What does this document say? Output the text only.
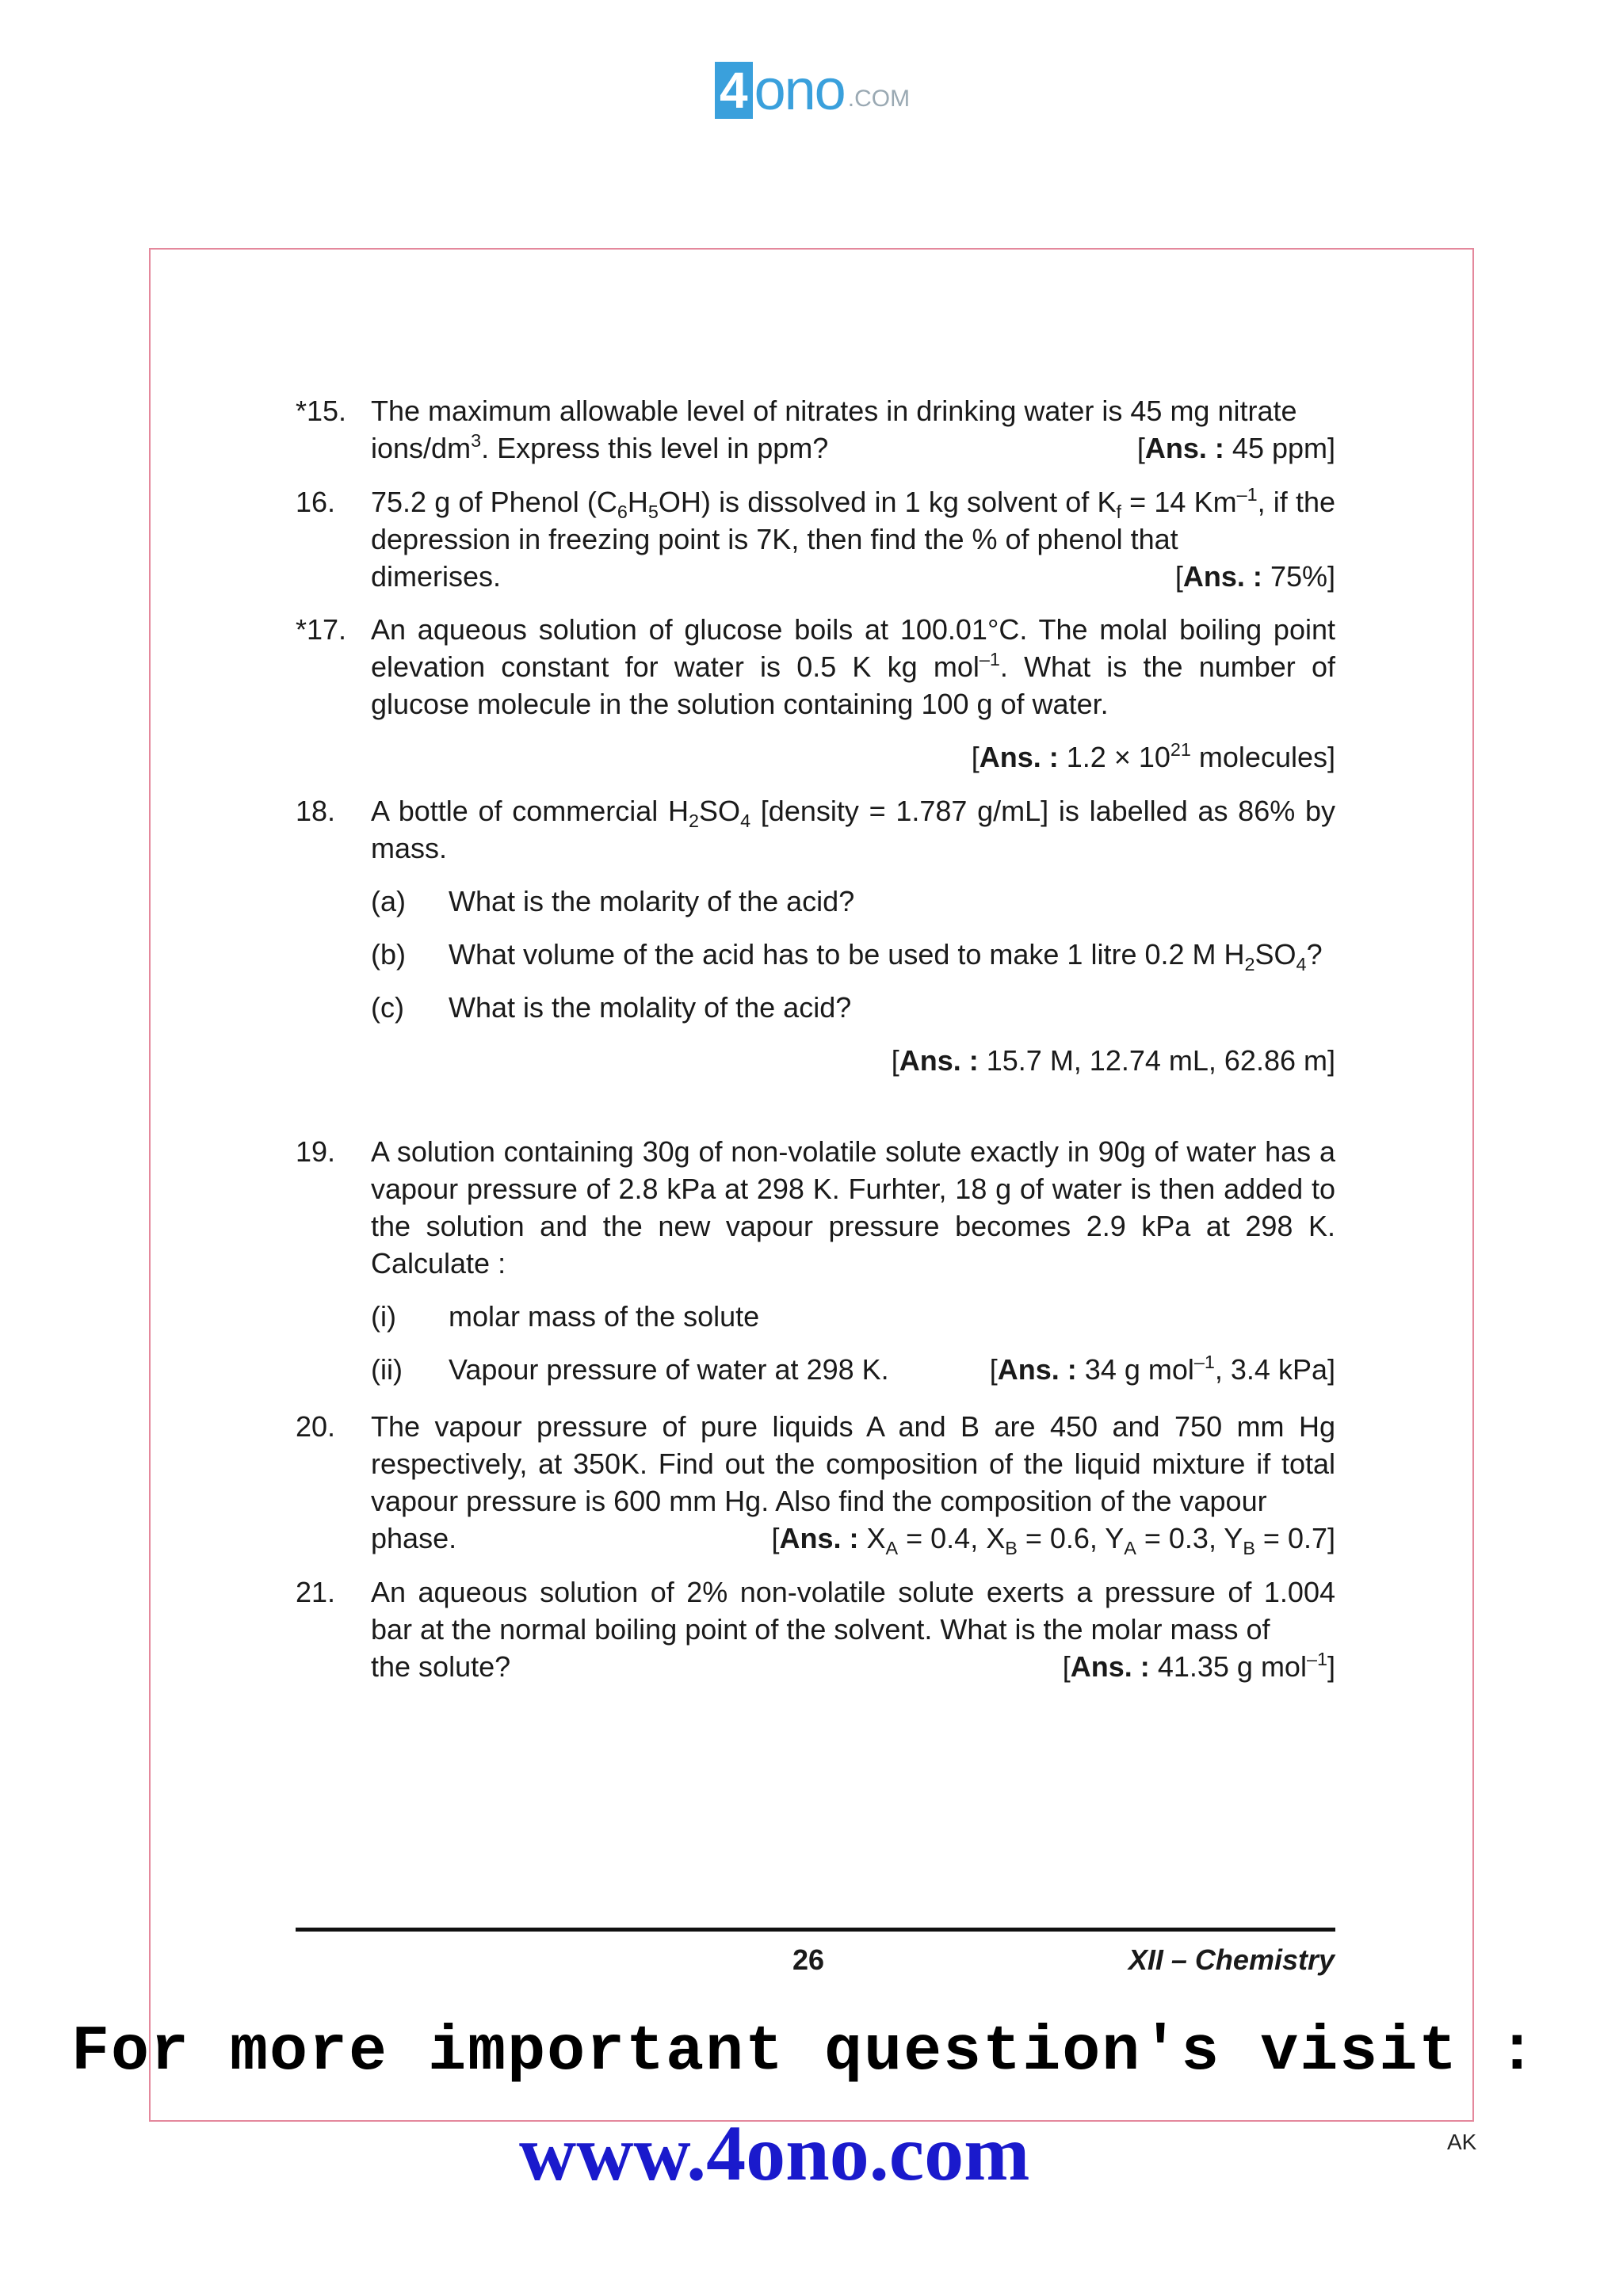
4 ono .COM
*15. The maximum allowable level of nitrates in drinking water is 45 mg nitrate
ions/$dm^3$. Express this level in ppm?	[Ans. : 45 ppm]
16.	75.2 g of Phenol $(C_6H_5OH)$ is dissolved in 1 kg solvent of $K_f = 14$ $Km^{-1}$, if the depression in freezing point is 7K, then find the % of phenol that
dimerises.	[Ans. : 75%]
*17. An aqueous solution of glucose boils at 100.01°C. The molal boiling point elevation constant for water is 0.5 K kg mol$^{-1}$. What is the number of glucose molecule in the solution containing 100 g of water.
[Ans. : $1.2 \times 10^{21}$ molecules]
18.	A bottle of commercial $H_2SO_4$ [density = 1.787 g/mL] is labelled as 86% by mass.
(a)	What is the molarity of the acid?
(b)	What volume of the acid has to be used to make 1 litre 0.2 M $H_2SO_4$?
(c)	What is the molality of the acid?
[Ans. : 15.7 M, 12.74 mL, 62.86 m]
19.	A solution containing 30g of non-volatile solute exactly in 90g of water has a vapour pressure of 2.8 kPa at 298 K. Furhter, 18 g of water is then added to the solution and the new vapour pressure becomes 2.9 kPa at 298 K. Calculate :
(i)	molar mass of the solute
(ii)	Vapour pressure of water at 298 K.	[Ans. : 34 g mol$^{-1}$, 3.4 kPa]
20.	The vapour pressure of pure liquids A and B are 450 and 750 mm Hg respectively, at 350K. Find out the composition of the liquid mixture if total vapour pressure is 600 mm Hg. Also find the composition of the vapour
phase.	[Ans. : $X_A = 0.4$, $X_B = 0.6$, $Y_A = 0.3$, $Y_B = 0.7$]
21.	An aqueous solution of 2% non-volatile solute exerts a pressure of 1.004 bar at the normal boiling point of the solvent. What is the molar mass of
the solute?	[Ans. : 41.35 g mol$^{-1}$]
26	XII – Chemistry
For more important question's visit :
www.4ono.com	AK
